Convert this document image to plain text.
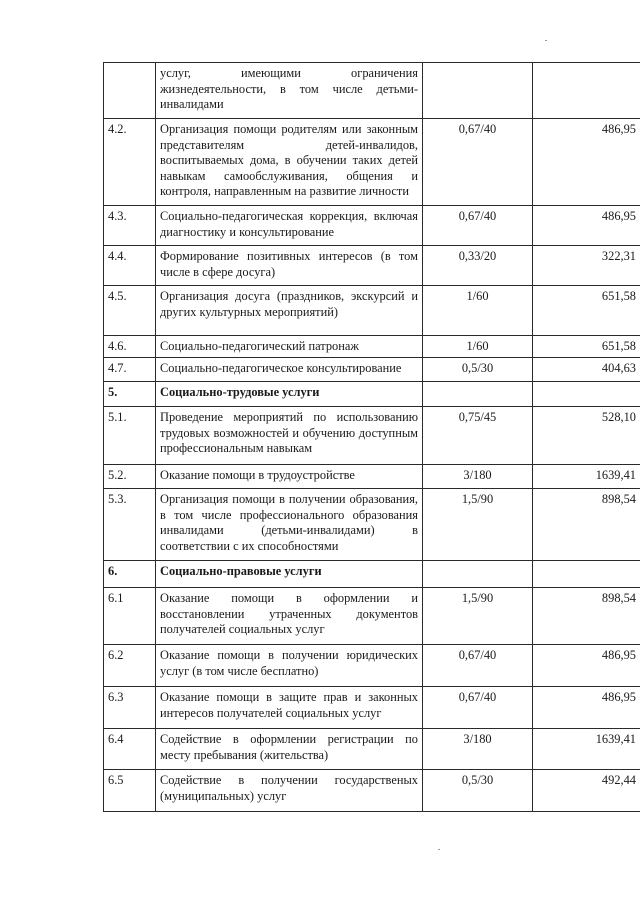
	услуг, имеющими ограничения жизнедеятельности, в том числе детьми-инвалидами		
4.2.	Организация помощи родителям или законным представителям детей-инвалидов, воспитываемых дома, в обучении таких детей навыкам самообслуживания, общения и контроля, направленным на развитие личности	0,67/40	486,95
4.3.	Социально-педагогическая коррекция, включая диагностику и консультирование	0,67/40	486,95
4.4.	Формирование позитивных интересов (в том числе в сфере досуга)	0,33/20	322,31
4.5.	Организация досуга (праздников, экскурсий и других культурных мероприятий)	1/60	651,58
4.6.	Социально-педагогический патронаж	1/60	651,58
4.7.	Социально-педагогическое консультирование	0,5/30	404,63
5.	Социально-трудовые услуги		
5.1.	Проведение мероприятий по использованию трудовых возможностей и обучению доступным профессиональным навыкам	0,75/45	528,10
5.2.	Оказание помощи в трудоустройстве	3/180	1639,41
5.3.	Организация помощи в получении образования, в том числе профессионального образования инвалидами (детьми-инвалидами) в соответствии с их способностями	1,5/90	898,54
6.	Социально-правовые услуги		
6.1	Оказание помощи в оформлении и восстановлении утраченных документов получателей социальных услуг	1,5/90	898,54
6.2	Оказание помощи в получении юридических услуг (в том числе бесплатно)	0,67/40	486,95
6.3	Оказание помощи в защите прав и законных интересов получателей социальных услуг	0,67/40	486,95
6.4	Содействие в оформлении регистрации по месту пребывания (жительства)	3/180	1639,41
6.5	Содействие в получении государственых (муниципальных) услуг	0,5/30	492,44
